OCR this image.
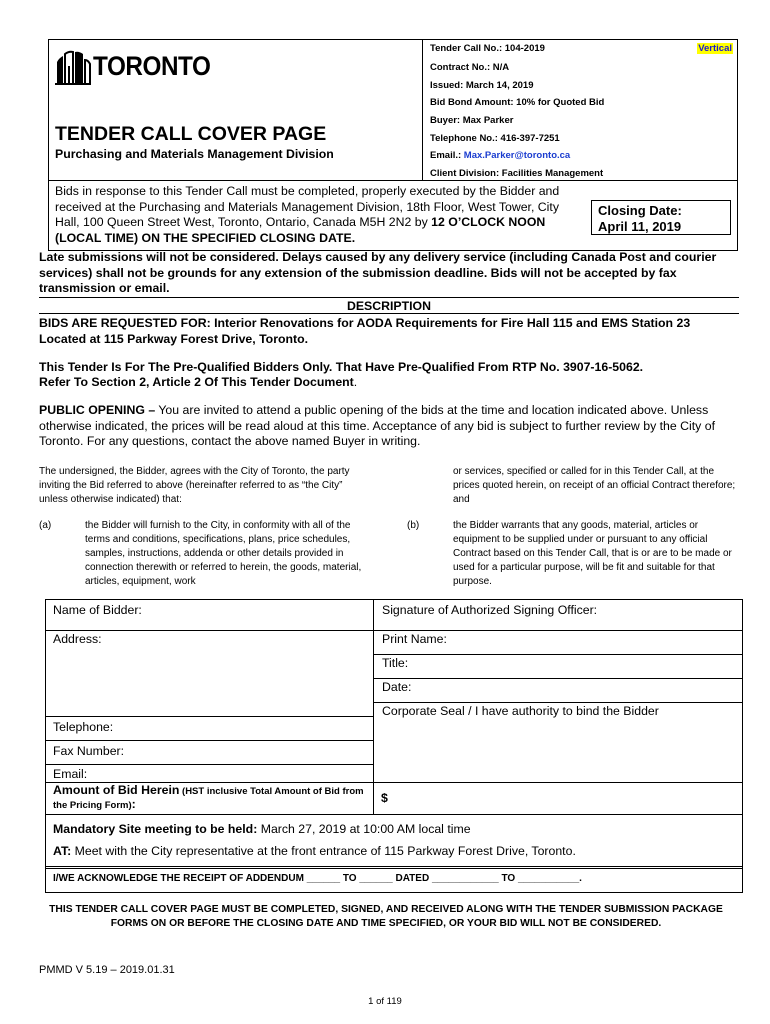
TORONTO
TENDER CALL COVER PAGE
Purchasing and Materials Management Division
Tender Call No.: 104-2019	Vertical
Contract No.: N/A
Issued: March 14, 2019
Bid Bond Amount: 10% for Quoted Bid
Buyer: Max Parker
Telephone No.: 416-397-7251
Email.: Max.Parker@toronto.ca
Client Division: Facilities Management
Bids in response to this Tender Call must be completed, properly executed by the Bidder and received at the Purchasing and Materials Management Division, 18th Floor, West Tower, City Hall, 100 Queen Street West, Toronto, Ontario, Canada M5H 2N2 by 12 O’CLOCK NOON (LOCAL TIME) ON THE SPECIFIED CLOSING DATE.
Closing Date:
April 11, 2019
Late submissions will not be considered. Delays caused by any delivery service (including Canada Post and courier services) shall not be grounds for any extension of the submission deadline. Bids will not be accepted by fax transmission or email.
DESCRIPTION
BIDS ARE REQUESTED FOR: Interior Renovations for AODA Requirements for Fire Hall 115 and EMS Station 23 Located at 115 Parkway Forest Drive, Toronto.
This Tender Is For The Pre-Qualified Bidders Only. That Have Pre-Qualified From RTP No. 3907-16-5062.
Refer To Section 2, Article 2 Of This Tender Document.
PUBLIC OPENING – You are invited to attend a public opening of the bids at the time and location indicated above. Unless otherwise indicated, the prices will be read aloud at this time. Acceptance of any bid is subject to further review by the City of Toronto. For any questions, contact the above named Buyer in writing.
The undersigned, the Bidder, agrees with the City of Toronto, the party inviting the Bid referred to above (hereinafter referred to as “the City” unless otherwise indicated) that:
(a)	the Bidder will furnish to the City, in conformity with all of the terms and conditions, specifications, plans, price schedules, samples, instructions, addenda or other details provided in connection therewith or referred to herein, the goods, material, articles, equipment, work
or services, specified or called for in this Tender Call, at the prices quoted herein, on receipt of an official Contract therefore; and
(b)	the Bidder warrants that any goods, material, articles or equipment to be supplied under or pursuant to any official Contract based on this Tender Call, that is or are to be made or used for a particular purpose, will be fit and suitable for that purpose.
Name of Bidder:	Signature of Authorized Signing Officer:
Address:	Print Name:
Title:
Date:
Corporate Seal / I have authority to bind the Bidder
Telephone:
Fax Number:
Email:
Amount of Bid Herein (HST inclusive Total Amount of Bid from the Pricing Form):	$
Mandatory Site meeting to be held: March 27, 2019 at 10:00 AM local time
AT: Meet with the City representative at the front entrance of 115 Parkway Forest Drive, Toronto.
I/WE ACKNOWLEDGE THE RECEIPT OF ADDENDUM ______ TO ______ DATED ____________ TO ___________.
THIS TENDER CALL COVER PAGE MUST BE COMPLETED, SIGNED, AND RECEIVED ALONG WITH THE TENDER SUBMISSION PACKAGE FORMS ON OR BEFORE THE CLOSING DATE AND TIME SPECIFIED, OR YOUR BID WILL NOT BE CONSIDERED.
PMMD V 5.19 – 2019.01.31
1 of 119
